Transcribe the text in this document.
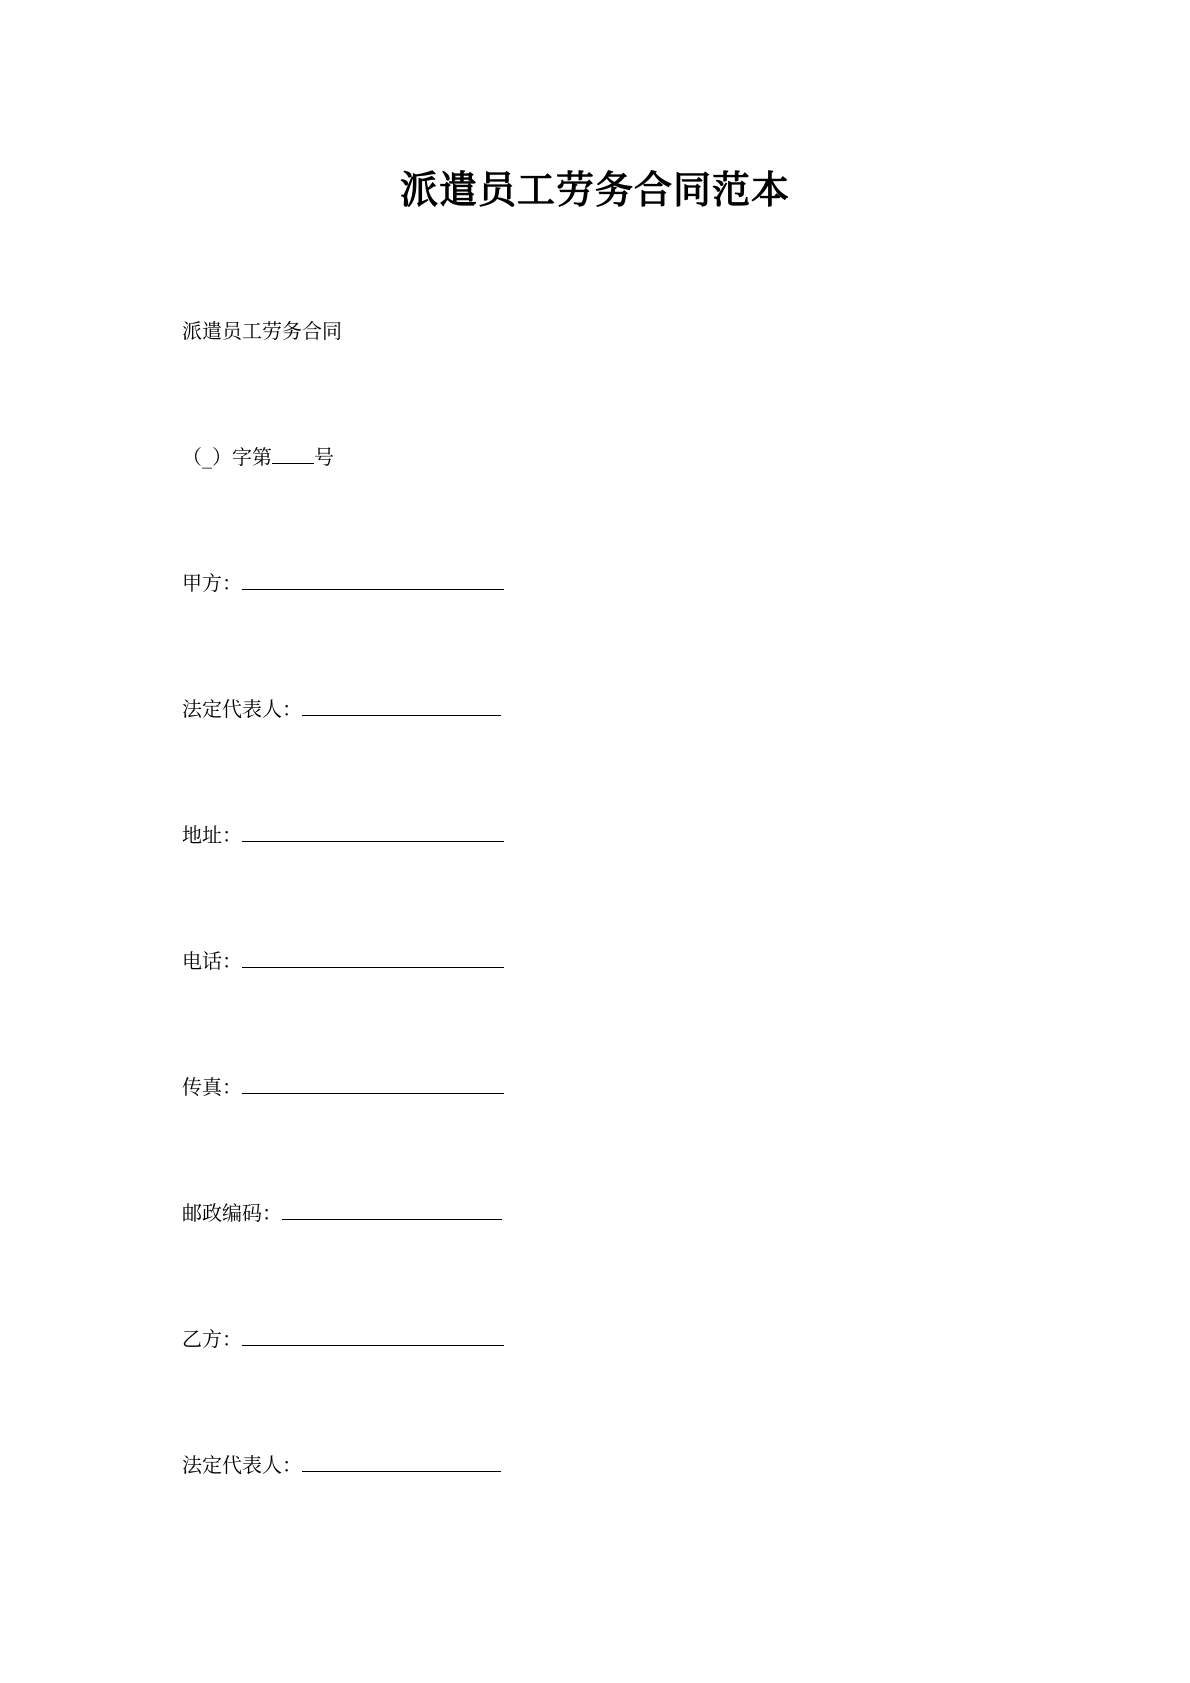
派遣员工劳务合同范本
派遣员工劳务合同
（_）字第 号
甲方：
法定代表人：
地址：
电话：
传真：
邮政编码：
乙方：
法定代表人：
